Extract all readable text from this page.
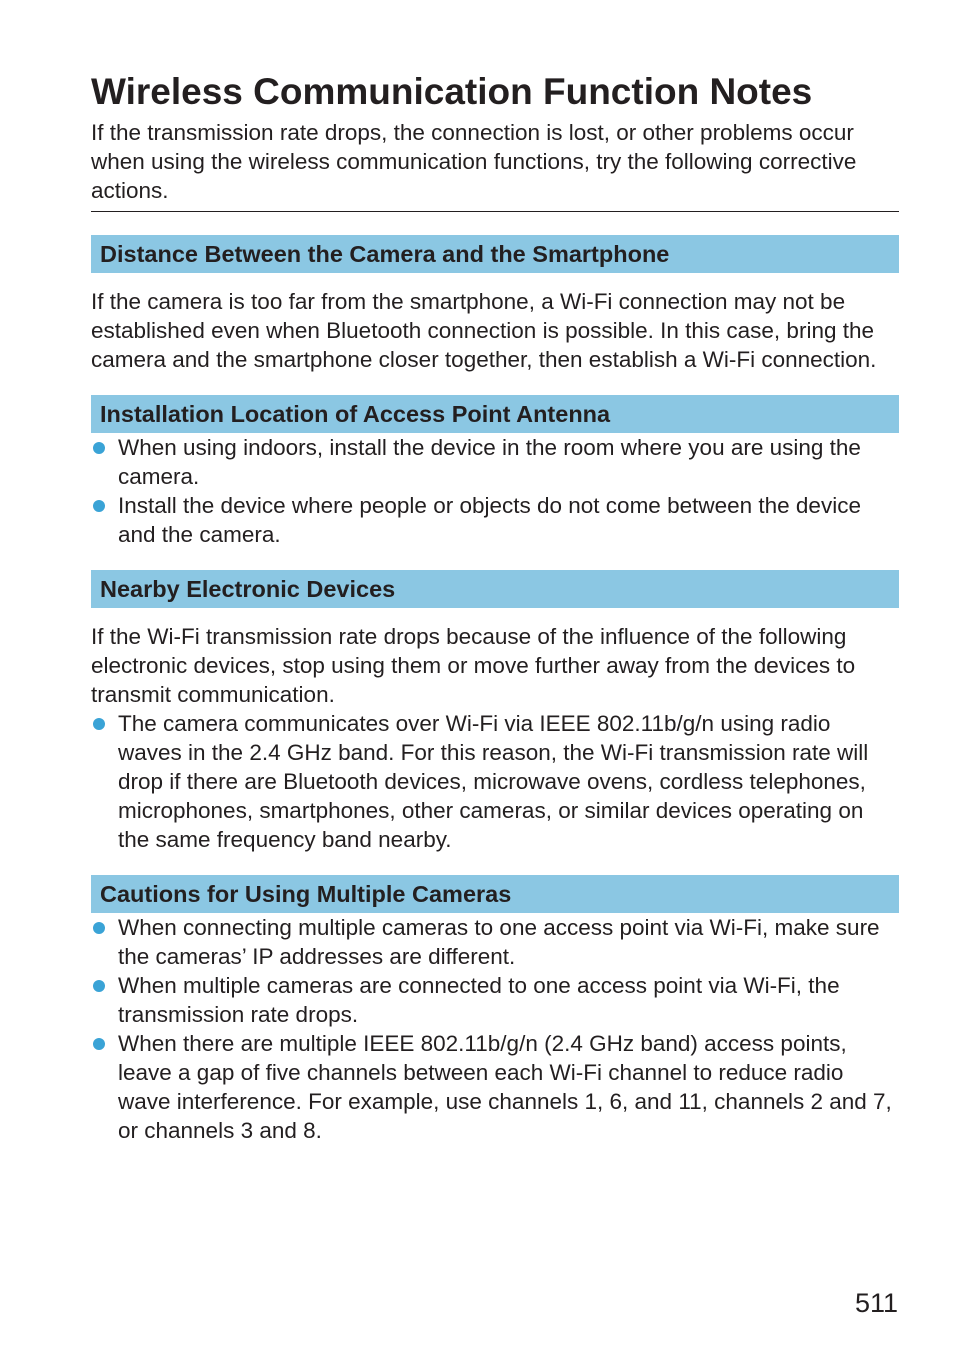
Wireless Communication Function Notes

If the transmission rate drops, the connection is lost, or other problems occur when using the wireless communication functions, try the following corrective actions.

Distance Between the Camera and the Smartphone

If the camera is too far from the smartphone, a Wi-Fi connection may not be established even when Bluetooth connection is possible. In this case, bring the camera and the smartphone closer together, then establish a Wi-Fi connection.

Installation Location of Access Point Antenna
When using indoors, install the device in the room where you are using the camera.
Install the device where people or objects do not come between the device and the camera.
Nearby Electronic Devices

If the Wi-Fi transmission rate drops because of the influence of the following electronic devices, stop using them or move further away from the devices to transmit communication.

The camera communicates over Wi-Fi via IEEE 802.11b/g/n using radio waves in the 2.4 GHz band. For this reason, the Wi-Fi transmission rate will drop if there are Bluetooth devices, microwave ovens, cordless telephones, microphones, smartphones, other cameras, or similar devices operating on the same frequency band nearby.
Cautions for Using Multiple Cameras
When connecting multiple cameras to one access point via Wi-Fi, make sure the cameras’ IP addresses are different.
When multiple cameras are connected to one access point via Wi-Fi, the transmission rate drops.
When there are multiple IEEE 802.11b/g/n (2.4 GHz band) access points, leave a gap of five channels between each Wi-Fi channel to reduce radio wave interference. For example, use channels 1, 6, and 11, channels 2 and 7, or channels 3 and 8.
511
